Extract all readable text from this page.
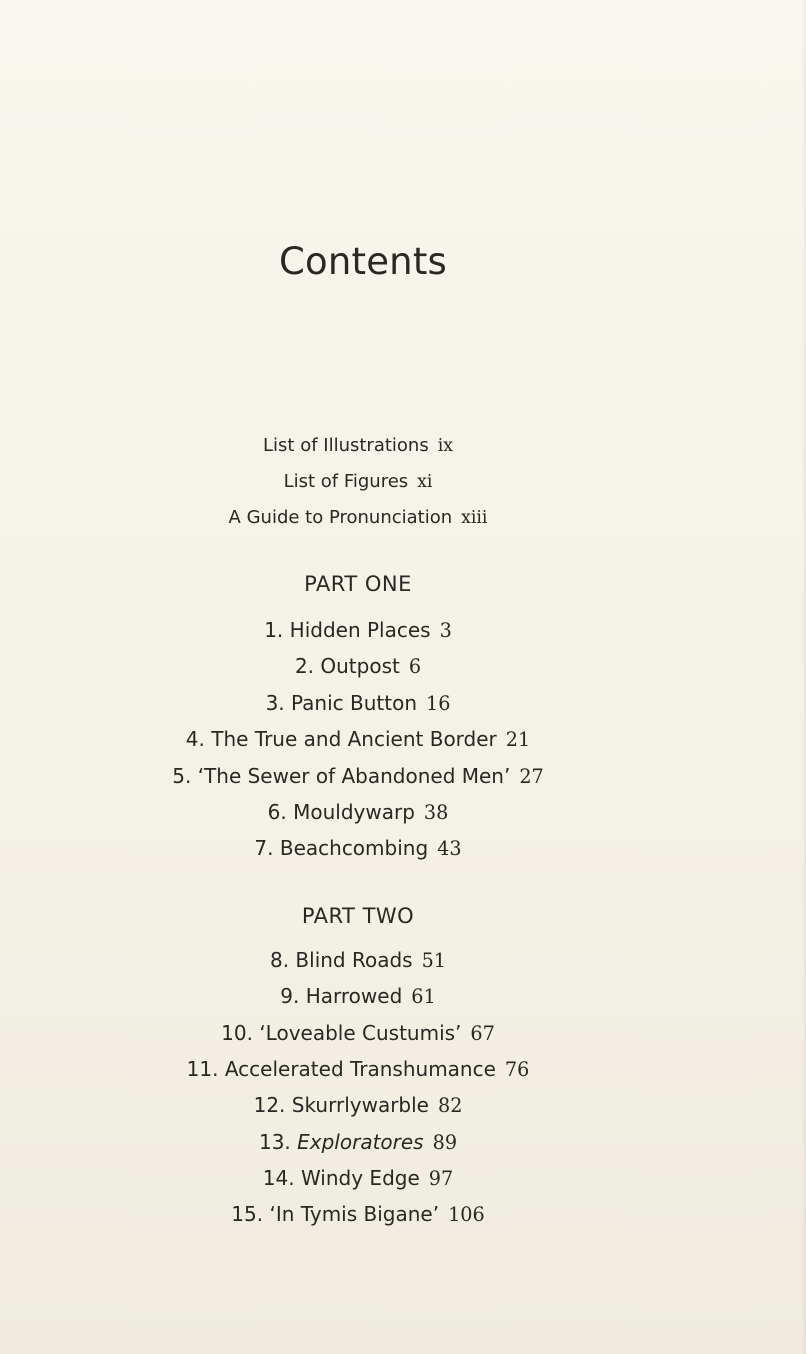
Contents
List of Illustrations ix
List of Figures xi
A Guide to Pronunciation xiii
PART ONE
1. Hidden Places 3
2. Outpost 6
3. Panic Button 16
4. The True and Ancient Border 21
5. ‘The Sewer of Abandoned Men’ 27
6. Mouldywarp 38
7. Beachcombing 43
PART TWO
8. Blind Roads 51
9. Harrowed 61
10. ‘Loveable Custumis’ 67
11. Accelerated Transhumance 76
12. Skurrlywarble 82
13. Exploratores 89
14. Windy Edge 97
15. ‘In Tymis Bigane’ 106
